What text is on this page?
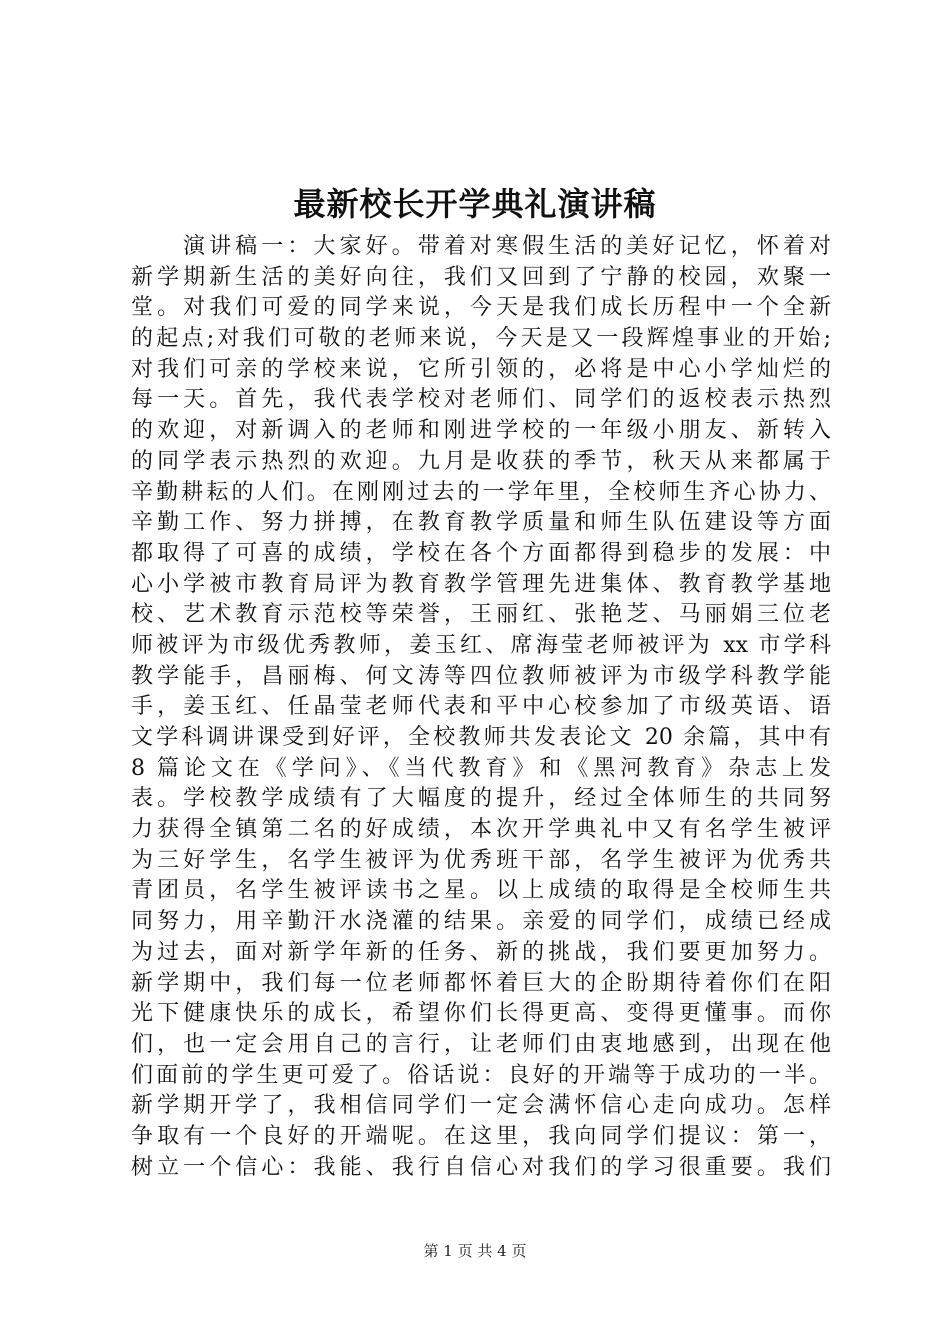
最新校长开学典礼演讲稿
演讲稿一：大家好。带着对寒假生活的美好记忆，怀着对
新学期新生活的美好向往，我们又回到了宁静的校园，欢聚一
堂。对我们可爱的同学来说，今天是我们成长历程中一个全新
的起点;对我们可敬的老师来说，今天是又一段辉煌事业的开始;
对我们可亲的学校来说，它所引领的，必将是中心小学灿烂的
每一天。首先，我代表学校对老师们、同学们的返校表示热烈
的欢迎，对新调入的老师和刚进学校的一年级小朋友、新转入
的同学表示热烈的欢迎。九月是收获的季节，秋天从来都属于
辛勤耕耘的人们。在刚刚过去的一学年里，全校师生齐心协力、
辛勤工作、努力拼搏，在教育教学质量和师生队伍建设等方面
都取得了可喜的成绩，学校在各个方面都得到稳步的发展：中
心小学被市教育局评为教育教学管理先进集体、教育教学基地
校、艺术教育示范校等荣誉，王丽红、张艳芝、马丽娟三位老
师被评为市级优秀教师，姜玉红、席海莹老师被评为 xx 市学科
教学能手，昌丽梅、何文涛等四位教师被评为市级学科教学能
手，姜玉红、任晶莹老师代表和平中心校参加了市级英语、语
文学科调讲课受到好评，全校教师共发表论文 20 余篇，其中有
8 篇论文在《学问》、《当代教育》和《黑河教育》杂志上发
表。学校教学成绩有了大幅度的提升，经过全体师生的共同努
力获得全镇第二名的好成绩，本次开学典礼中又有名学生被评
为三好学生，名学生被评为优秀班干部，名学生被评为优秀共
青团员，名学生被评读书之星。以上成绩的取得是全校师生共
同努力，用辛勤汗水浇灌的结果。亲爱的同学们，成绩已经成
为过去，面对新学年新的任务、新的挑战，我们要更加努力。
新学期中，我们每一位老师都怀着巨大的企盼期待着你们在阳
光下健康快乐的成长，希望你们长得更高、变得更懂事。而你
们，也一定会用自己的言行，让老师们由衷地感到，出现在他
们面前的学生更可爱了。俗话说：良好的开端等于成功的一半。
新学期开学了，我相信同学们一定会满怀信心走向成功。怎样
争取有一个良好的开端呢。在这里，我向同学们提议：第一，
树立一个信心：我能、我行自信心对我们的学习很重要。我们
第 1 页 共 4 页
